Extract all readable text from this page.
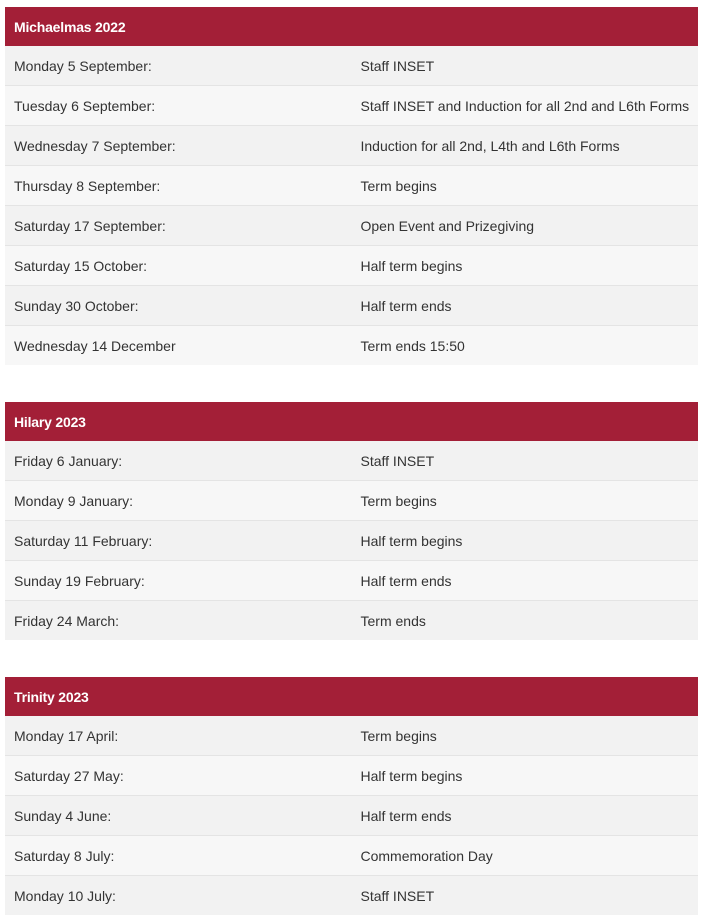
Michaelmas 2022	
Monday 5 September:	Staff INSET
Tuesday 6 September:	Staff INSET and Induction for all 2nd and L6th Forms
Wednesday 7 September:	Induction for all 2nd, L4th and L6th Forms
Thursday 8 September:	Term begins
Saturday 17 September:	Open Event and Prizegiving
Saturday 15 October:	Half term begins
Sunday 30 October:	Half term ends
Wednesday 14 December	Term ends 15:50
Hilary 2023	
Friday 6 January:	Staff INSET
Monday 9 January:	Term begins
Saturday 11 February:	Half term begins
Sunday 19 February:	Half term ends
Friday 24 March:	Term ends
Trinity 2023	
Monday 17 April:	Term begins
Saturday 27 May:	Half term begins
Sunday 4 June:	Half term ends
Saturday 8 July:	Commemoration Day
Monday 10 July:	Staff INSET
